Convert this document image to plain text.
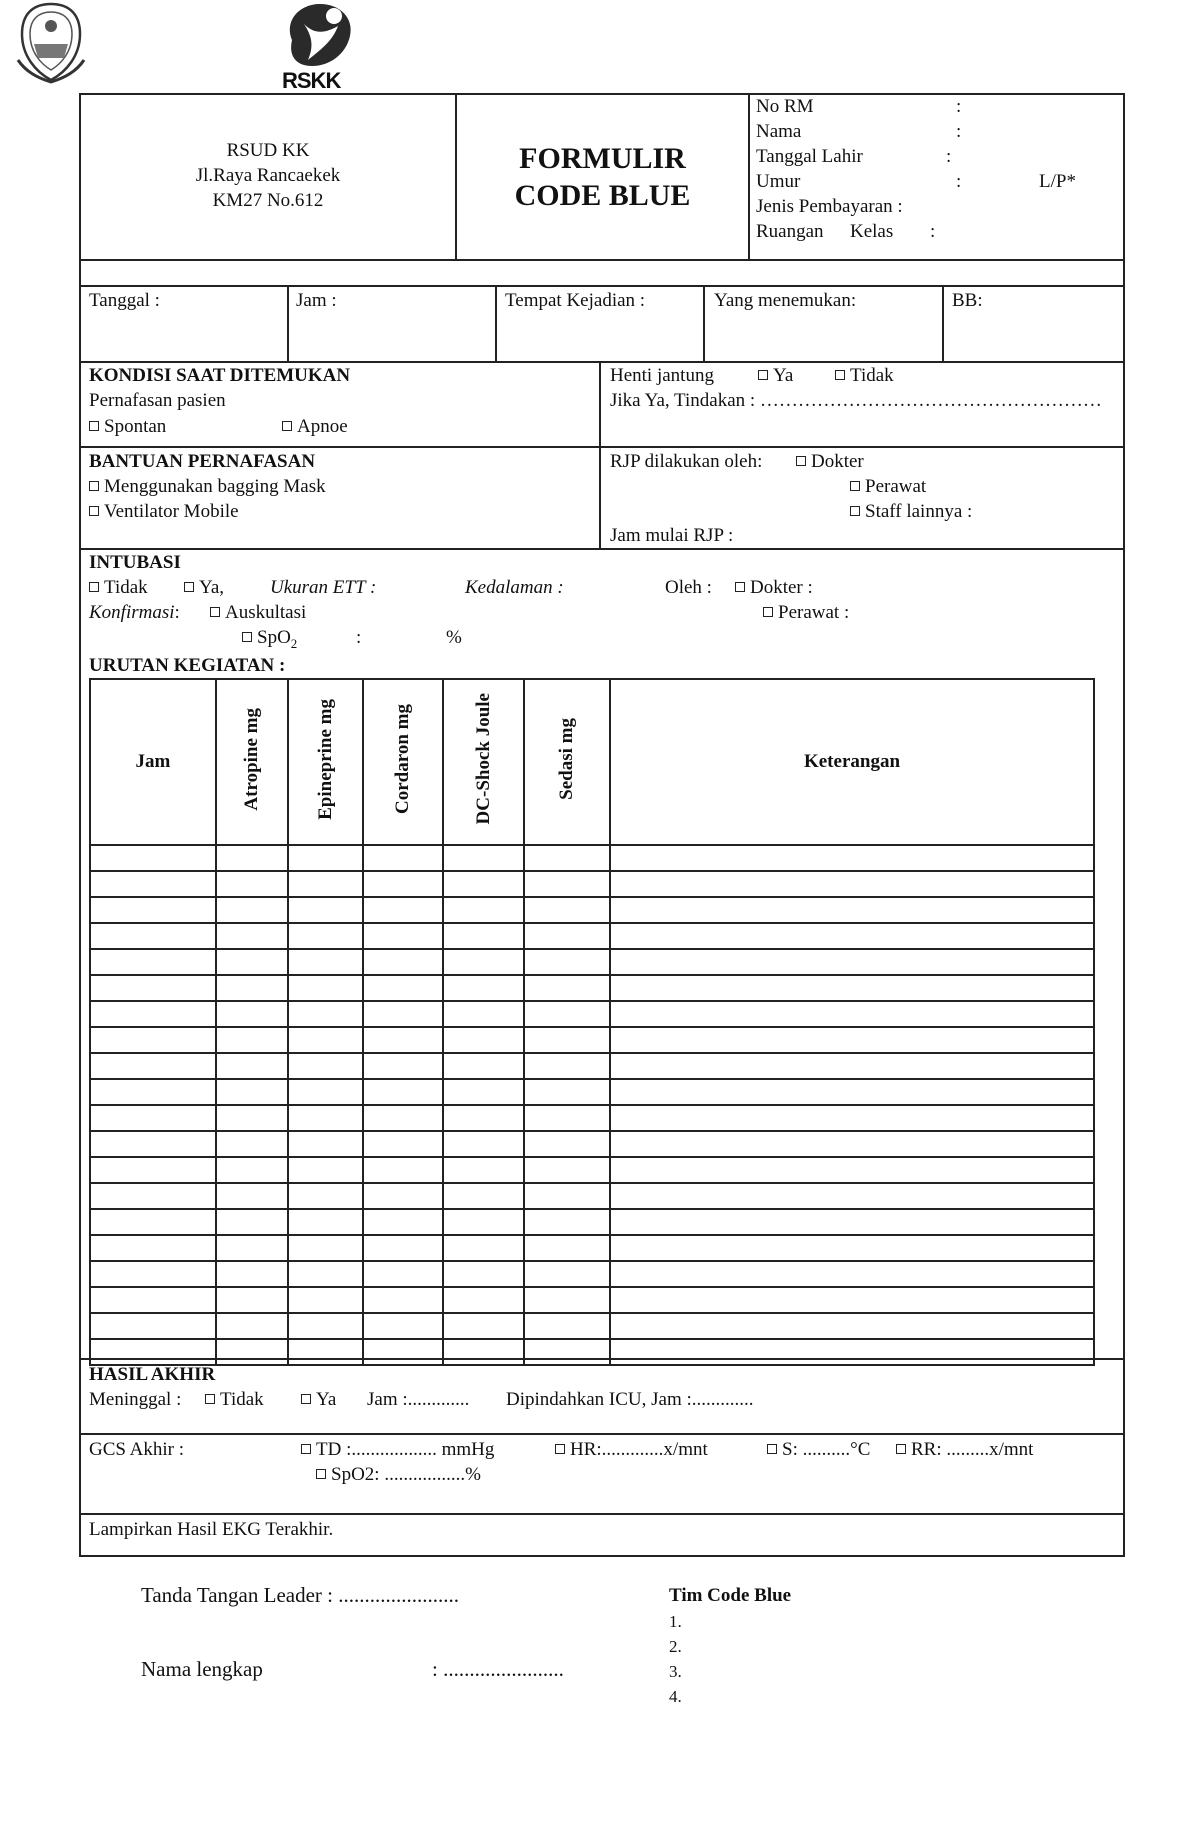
RSKK
RSUD KK
Jl.Raya Rancaekek
KM27 No.612
FORMULIR
CODE BLUE
No RM	:
Nama	:
Tanggal Lahir	:
Umur	:	L/P*
Jenis Pembayaran :
Ruangan Kelas :
Tanggal :	Jam :	Tempat Kejadian :	Yang menemukan:	BB:
KONDISI SAAT DITEMUKAN
Pernafasan pasien
Spontan	Apnoe
Henti jantung	Ya	Tidak
Jika Ya, Tindakan : ………………………………………………
BANTUAN PERNAFASAN
Menggunakan bagging Mask
Ventilator Mobile
RJP dilakukan oleh:	Dokter
Perawat
Staff lainnya :
Jam mulai RJP :
INTUBASI
Tidak	Ya, Ukuran ETT :	Kedalaman :	Oleh :	Dokter :
Konfirmasi:	Auskultasi	Perawat :
SpO$_2$	:	%
URUTAN KEGIATAN :
Jam	Atropine mg	Epineprine mg	Cordaron mg	DC-Shock Joule	Sedasi mg	Keterangan

HASIL AKHIR
Meninggal :	Tidak	Ya Jam :............. Dipindahkan ICU, Jam :.............
GCS Akhir :	TD :.................. mmHg	HR:.............x/mnt	S: ..........°C	RR: .........x/mnt
SpO2: .................%
Lampirkan Hasil EKG Terakhir.
Tanda Tangan Leader : .......................
Nama lengkap	: .......................
Tim Code Blue
1.
2.
3.
4.
